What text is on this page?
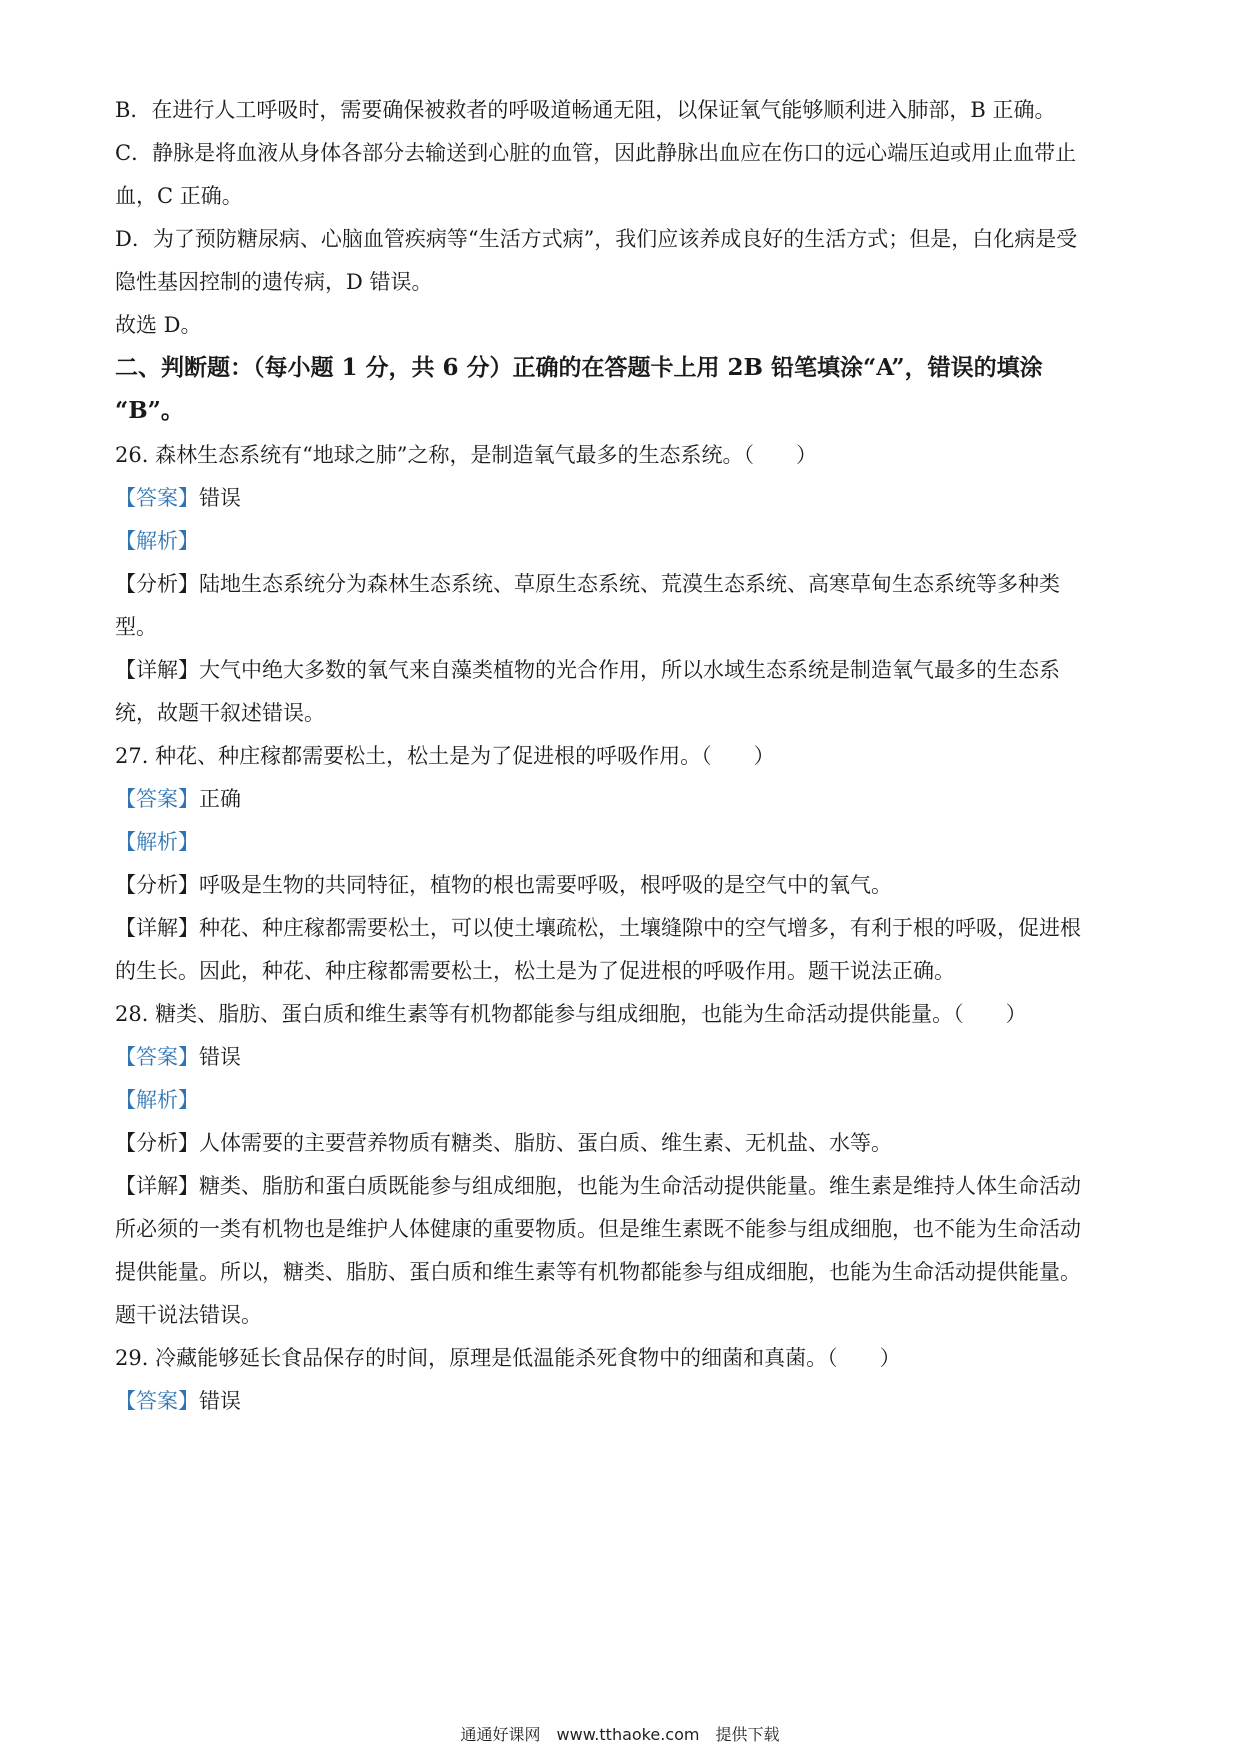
B．在进行人工呼吸时，需要确保被救者的呼吸道畅通无阻，以保证氧气能够顺利进入肺部，B 正确。
C．静脉是将血液从身体各部分去输送到心脏的血管，因此静脉出血应在伤口的远心端压迫或用止血带止
血，C 正确。
D．为了预防糖尿病、心脑血管疾病等“生活方式病”，我们应该养成良好的生活方式；但是，白化病是受
隐性基因控制的遗传病，D 错误。
故选 D。
二、判断题：（每小题 1 分，共 6 分）正确的在答题卡上用 2B 铅笔填涂“A”，错误的填涂
“B”。
26. 森林生态系统有“地球之肺”之称，是制造氧气最多的生态系统。（　　）
【答案】错误
【解析】
【分析】陆地生态系统分为森林生态系统、草原生态系统、荒漠生态系统、高寒草甸生态系统等多种类
型。
【详解】大气中绝大多数的氧气来自藻类植物的光合作用，所以水域生态系统是制造氧气最多的生态系
统，故题干叙述错误。
27. 种花、种庄稼都需要松土，松土是为了促进根的呼吸作用。（　　）
【答案】正确
【解析】
【分析】呼吸是生物的共同特征，植物的根也需要呼吸，根呼吸的是空气中的氧气。
【详解】种花、种庄稼都需要松土，可以使土壤疏松，土壤缝隙中的空气增多，有利于根的呼吸，促进根
的生长。因此，种花、种庄稼都需要松土，松土是为了促进根的呼吸作用。题干说法正确。
28. 糖类、脂肪、蛋白质和维生素等有机物都能参与组成细胞，也能为生命活动提供能量。（　　）
【答案】错误
【解析】
【分析】人体需要的主要营养物质有糖类、脂肪、蛋白质、维生素、无机盐、水等。
【详解】糖类、脂肪和蛋白质既能参与组成细胞，也能为生命活动提供能量。维生素是维持人体生命活动
所必须的一类有机物也是维护人体健康的重要物质。但是维生素既不能参与组成细胞，也不能为生命活动
提供能量。所以，糖类、脂肪、蛋白质和维生素等有机物都能参与组成细胞，也能为生命活动提供能量。
题干说法错误。
29. 冷藏能够延长食品保存的时间，原理是低温能杀死食物中的细菌和真菌。（　　）
【答案】错误
通通好课网　www.tthaoke.com　提供下载
